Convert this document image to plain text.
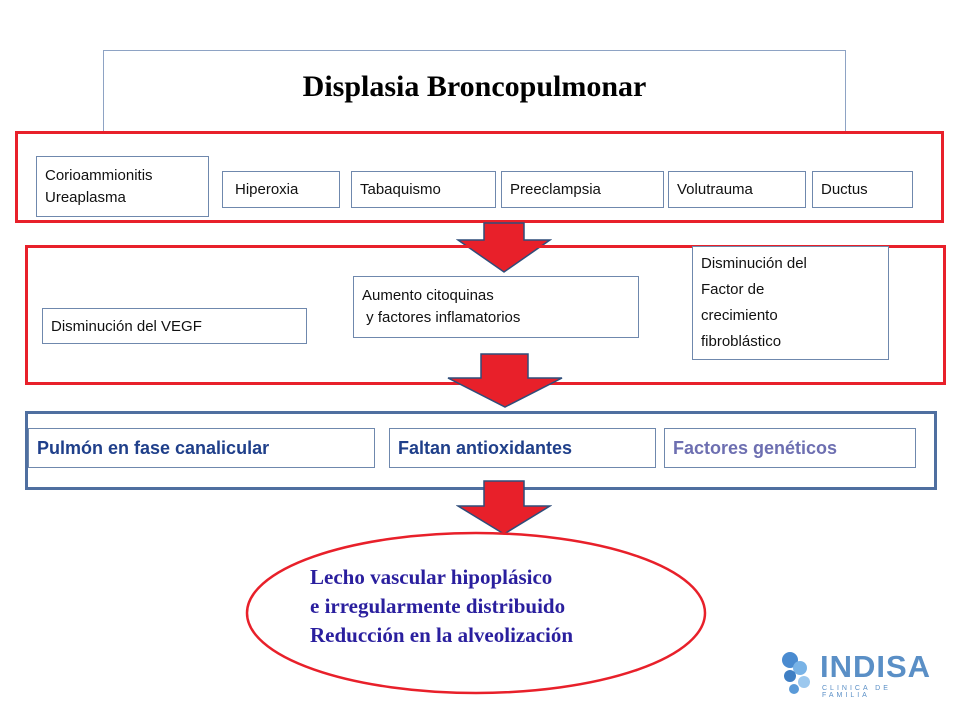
Displasia Broncopulmonar
Corioammionitis
Ureaplasma	Hiperoxia	Tabaquismo	Preeclampsia	Volutrauma	Ductus
Disminución del VEGF
Aumento citoquinas
y factores inflamatorios
Disminución del
Factor de
crecimiento
fibroblástico
Pulmón en fase canalicular	Faltan antioxidantes	Factores genéticos
Lecho vascular hipoplásico
e irregularmente distribuido
Reducción en la alveolización
INDISA
CLINICA DE FAMILIA
